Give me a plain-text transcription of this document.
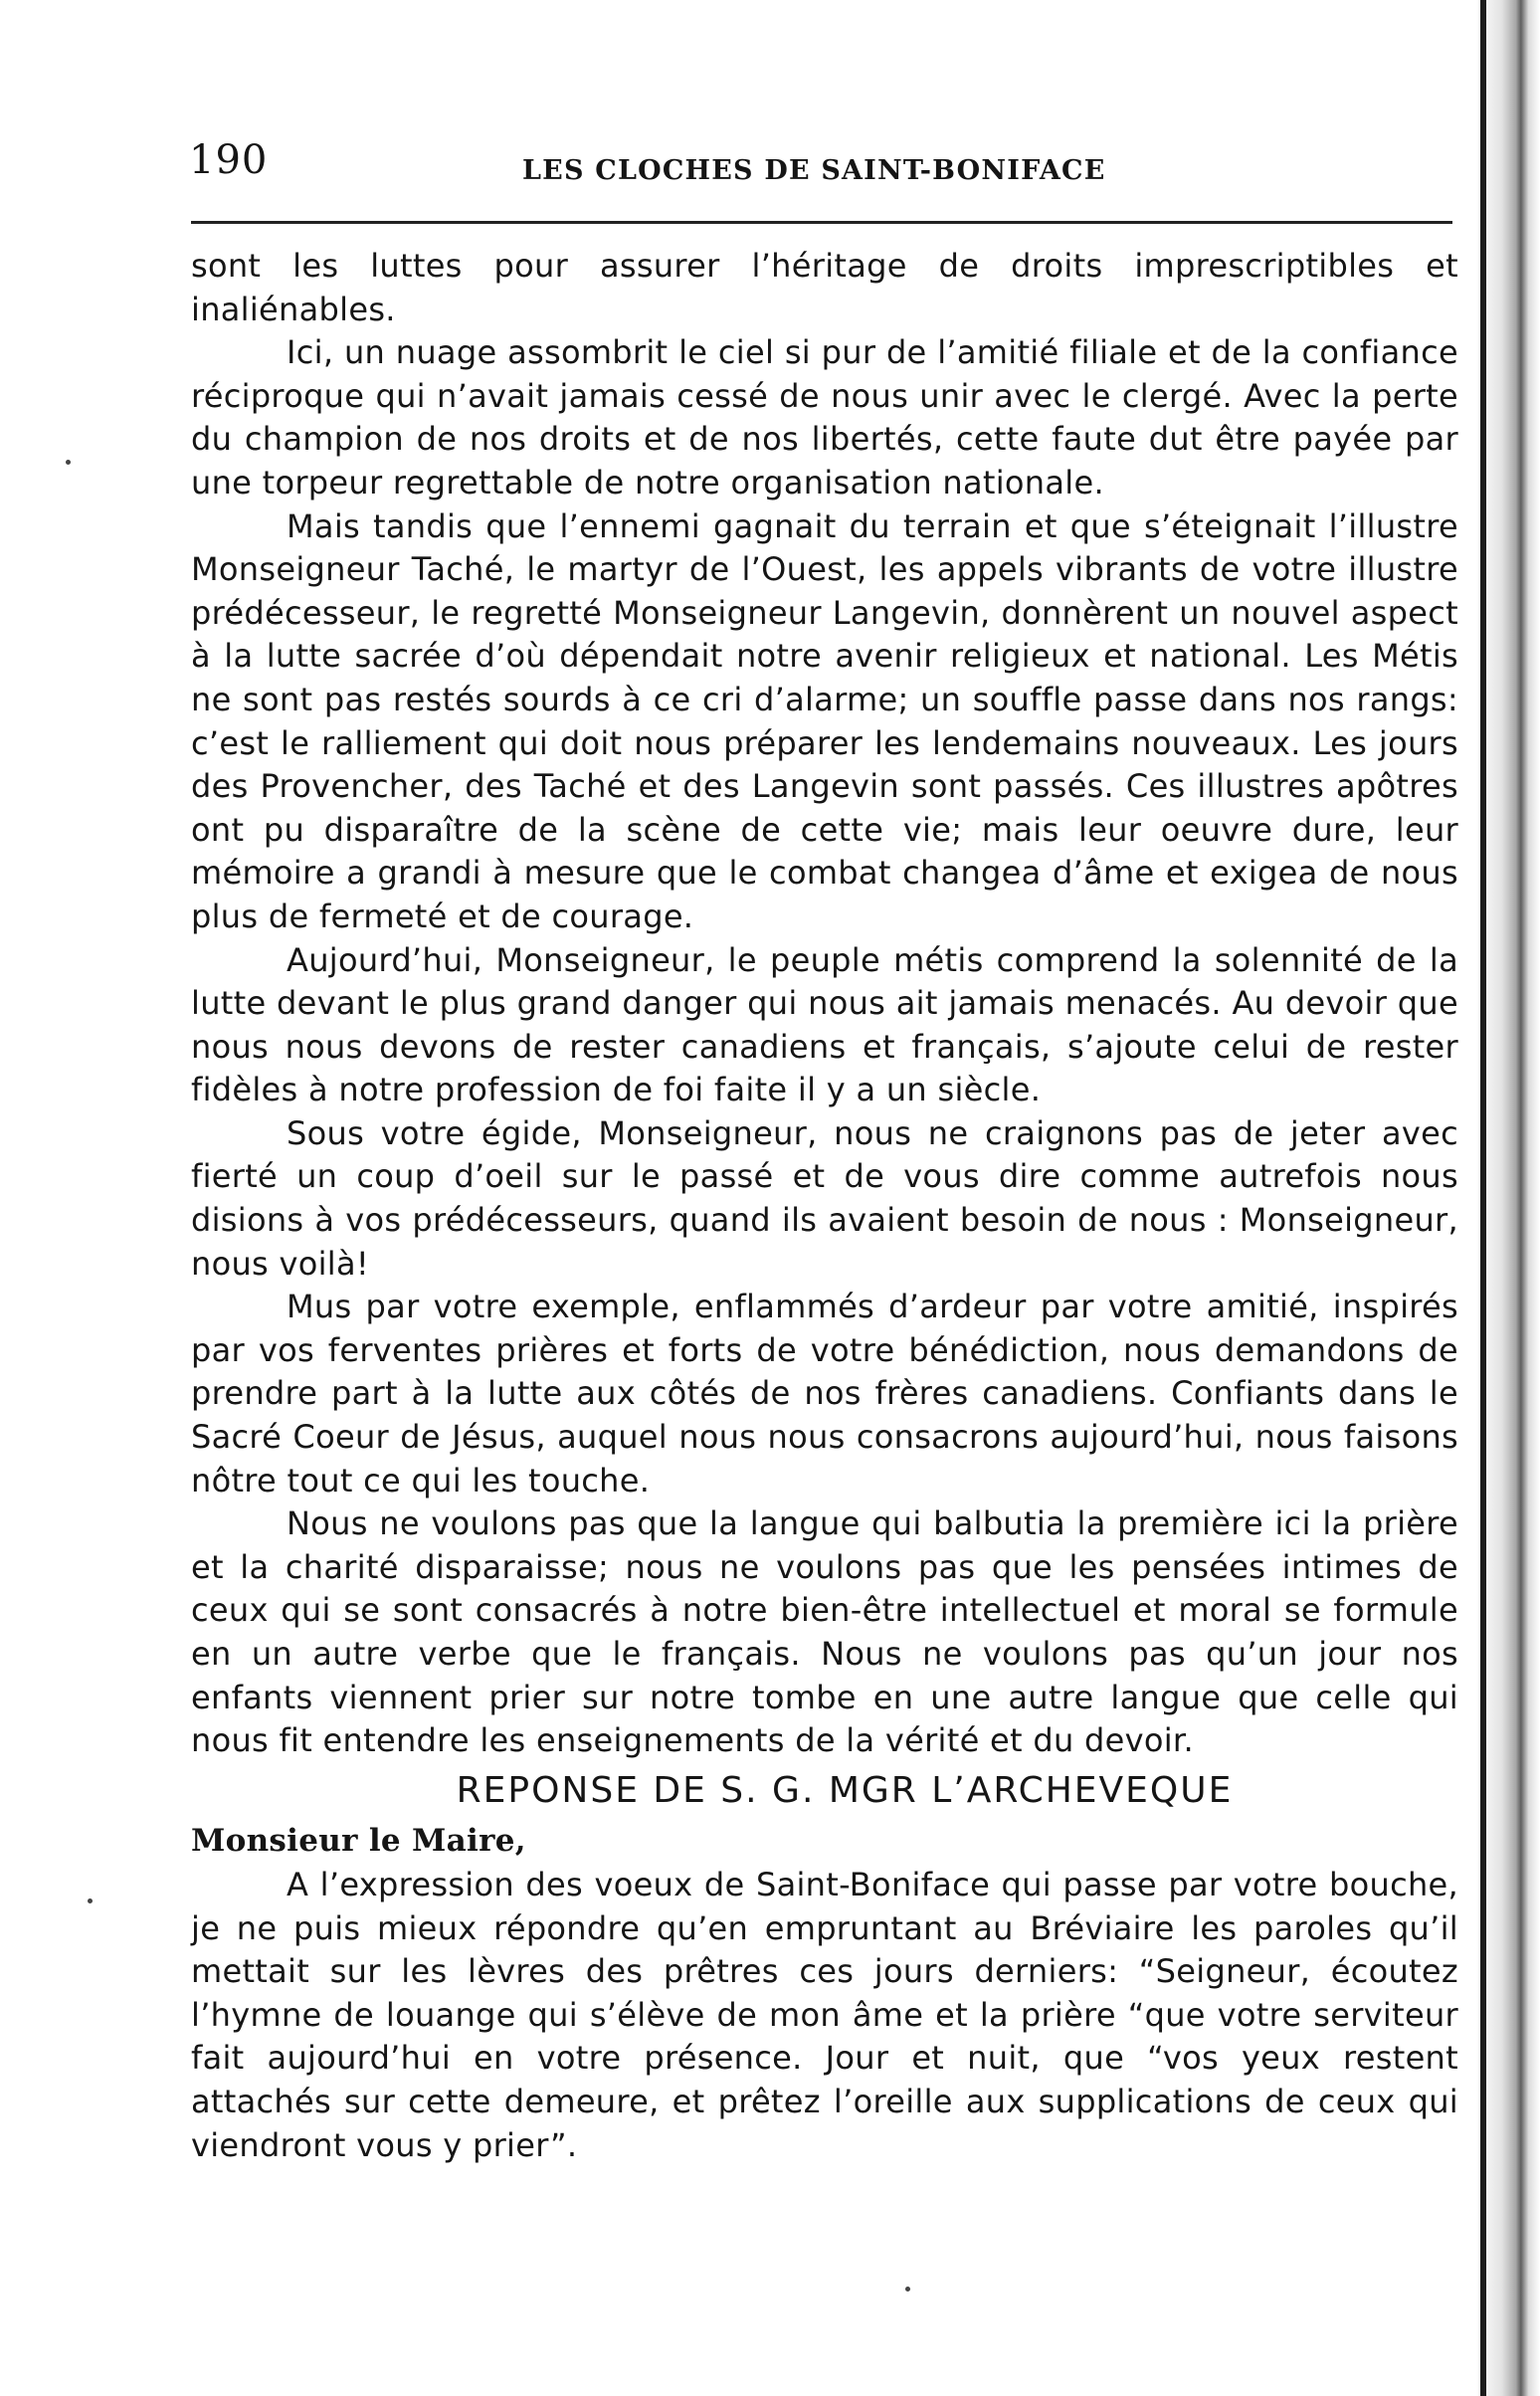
190	LES CLOCHES DE SAINT-BONIFACE

sont les luttes pour assurer l’héritage de droits imprescriptibles et inaliénables.

Ici, un nuage assombrit le ciel si pur de l’amitié filiale et de la confiance réciproque qui n’avait jamais cessé de nous unir avec le clergé. Avec la perte du champion de nos droits et de nos libertés, cette faute dut être payée par une torpeur regrettable de notre organisation nationale.

Mais tandis que l’ennemi gagnait du terrain et que s’éteignait l’illustre Monseigneur Taché, le martyr de l’Ouest, les appels vibrants de votre illustre prédécesseur, le regretté Monseigneur Langevin, donnèrent un nouvel aspect à la lutte sacrée d’où dépendait notre avenir religieux et national. Les Métis ne sont pas restés sourds à ce cri d’alarme; un souffle passe dans nos rangs: c’est le ralliement qui doit nous préparer les lendemains nouveaux. Les jours des Provencher, des Taché et des Langevin sont passés. Ces illustres apôtres ont pu disparaître de la scène de cette vie; mais leur oeuvre dure, leur mémoire a grandi à mesure que le combat changea d’âme et exigea de nous plus de fermeté et de courage.

Aujourd’hui, Monseigneur, le peuple métis comprend la solennité de la lutte devant le plus grand danger qui nous ait jamais menacés. Au devoir que nous nous devons de rester canadiens et français, s’ajoute celui de rester fidèles à notre profession de foi faite il y a un siècle.

Sous votre égide, Monseigneur, nous ne craignons pas de jeter avec fierté un coup d’oeil sur le passé et de vous dire comme autrefois nous disions à vos prédécesseurs, quand ils avaient besoin de nous : Monseigneur, nous voilà!

Mus par votre exemple, enflammés d’ardeur par votre amitié, inspirés par vos ferventes prières et forts de votre bénédiction, nous demandons de prendre part à la lutte aux côtés de nos frères canadiens. Confiants dans le Sacré Coeur de Jésus, auquel nous nous consacrons aujourd’hui, nous faisons nôtre tout ce qui les touche.

Nous ne voulons pas que la langue qui balbutia la première ici la prière et la charité disparaisse; nous ne voulons pas que les pensées intimes de ceux qui se sont consacrés à notre bien-être intellectuel et moral se formule en un autre verbe que le français. Nous ne voulons pas qu’un jour nos enfants viennent prier sur notre tombe en une autre langue que celle qui nous fit entendre les enseignements de la vérité et du devoir.

REPONSE DE S. G. MGR L’ARCHEVEQUE
Monsieur le Maire,

A l’expression des voeux de Saint-Boniface qui passe par votre bouche, je ne puis mieux répondre qu’en empruntant au Bréviaire les paroles qu’il mettait sur les lèvres des prêtres ces jours derniers: “Seigneur, écoutez l’hymne de louange qui s’élève de mon âme et la prière “que votre serviteur fait aujourd’hui en votre présence. Jour et nuit, que “vos yeux restent attachés sur cette demeure, et prêtez l’oreille aux supplications de ceux qui viendront vous y prier”.
